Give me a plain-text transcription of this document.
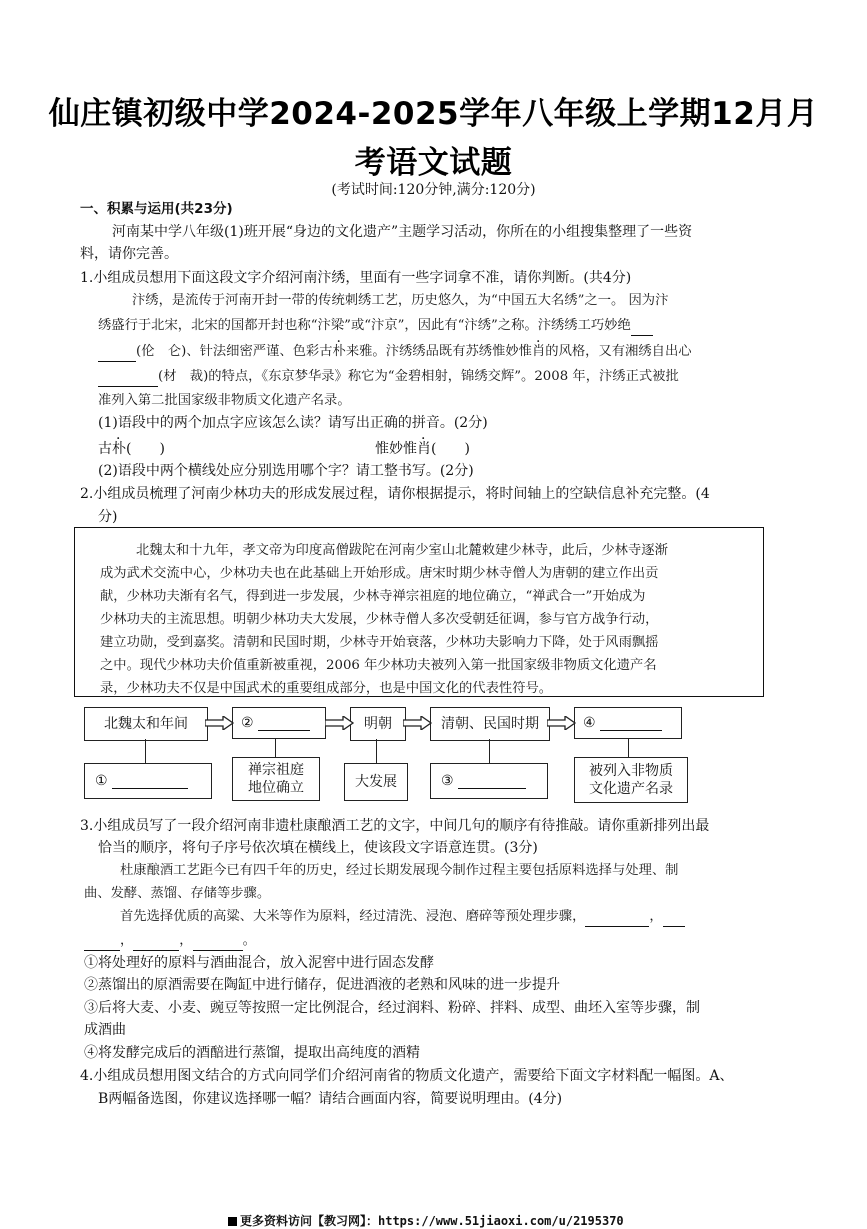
仙庄镇初级中学2024-2025学年八年级上学期12月月
考语文试题
(考试时间:120分钟,满分:120分)
一、积累与运用(共23分)
河南某中学八年级(1)班开展“身边的文化遗产”主题学习活动，你所在的小组搜集整理了一些资
料，请你完善。
1.小组成员想用下面这段文字介绍河南汴绣，里面有一些字词拿不准，请你判断。(共4分)
汴绣，是流传于河南开封一带的传统刺绣工艺，历史悠久，为“中国五大名绣”之一。 因为汴
绣盛行于北宋，北宋的国都开封也称“汴梁”或“汴京”，因此有“汴绣”之称。汴绣绣工巧妙绝
(伦　仑)、针法细密严谨、色彩古朴来雅。汴绣绣品既有苏绣惟妙惟肖的风格，又有湘绣自出心
(材　裁)的特点，《东京梦华录》称它为“金碧相射，锦绣交辉”。2008 年，汴绣正式被批
准列入第二批国家级非物质文化遗产名录。
(1)语段中的两个加点字应该怎么读？请写出正确的拼音。(2分)
古朴(　　)	惟妙惟肖(　　)
(2)语段中两个横线处应分别选用哪个字？请工整书写。(2分)
2.小组成员梳理了河南少林功夫的形成发展过程，请你根据提示，将时间轴上的空缺信息补充完整。(4
分)
北魏太和十九年，孝文帝为印度高僧跋陀在河南少室山北麓敕建少林寺，此后，少林寺逐渐
成为武术交流中心，少林功夫也在此基础上开始形成。唐宋时期少林寺僧人为唐朝的建立作出贡
献，少林功夫渐有名气，得到进一步发展，少林寺禅宗祖庭的地位确立，“禅武合一”开始成为
少林功夫的主流思想。明朝少林功夫大发展，少林寺僧人多次受朝廷征调，参与官方战争行动，
建立功勋，受到嘉奖。清朝和民国时期，少林寺开始衰落，少林功夫影响力下降，处于风雨飘摇
之中。现代少林功夫价值重新被重视，2006 年少林功夫被列入第一批国家级非物质文化遗产名
录，少林功夫不仅是中国武术的重要组成部分，也是中国文化的代表性符号。
北魏太和年间	②	明朝	清朝、民国时期	④
①
禅宗祖庭
地位确立	大发展	③
被列入非物质
文化遗产名录
3.小组成员写了一段介绍河南非遗杜康酿酒工艺的文字，中间几句的顺序有待推敲。请你重新排列出最
恰当的顺序，将句子序号依次填在横线上，使该段文字语意连贯。(3分)
杜康酿酒工艺距今已有四千年的历史，经过长期发展现今制作过程主要包括原料选择与处理、制
曲、发酵、蒸馏、存储等步骤。
首先选择优质的高粱、大米等作为原料，经过清洗、浸泡、磨碎等预处理步骤，	，
，	，	。
①将处理好的原料与酒曲混合，放入泥窖中进行固态发酵
②蒸馏出的原酒需要在陶缸中进行储存，促进酒液的老熟和风味的进一步提升
③后将大麦、小麦、豌豆等按照一定比例混合，经过润料、粉碎、拌料、成型、曲坯入室等步骤，制
成酒曲
④将发酵完成后的酒醅进行蒸馏，提取出高纯度的酒精
4.小组成员想用图文结合的方式向同学们介绍河南省的物质文化遗产，需要给下面文字材料配一幅图。A、
B两幅备选图，你建议选择哪一幅？请结合画面内容，简要说明理由。(4分)
更多资料访问【教习网】：https://www.51jiaoxi.com/u/2195370
